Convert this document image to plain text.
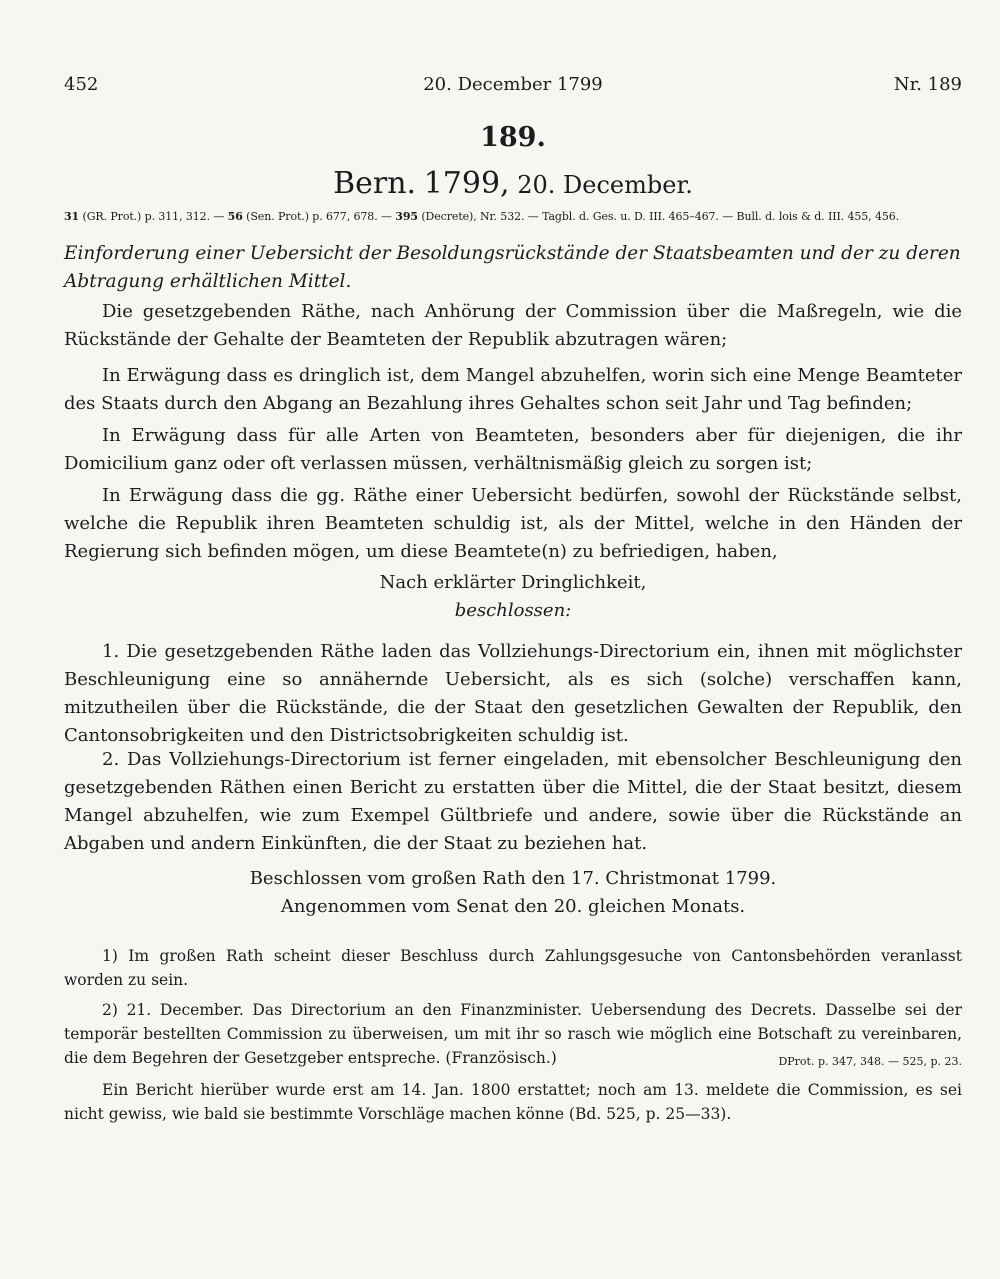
452	20. December 1799	Nr. 189
189.
Bern. 1799, 20. December.
31 (GR. Prot.) p. 311, 312. — 56 (Sen. Prot.) p. 677, 678. — 395 (Decrete), Nr. 532. — Tagbl. d. Ges. u. D. III. 465–467. — Bull. d. lois & d. III. 455, 456.
Einforderung einer Uebersicht der Besoldungsrückstände der Staatsbeamten und der zu deren Abtragung erhältlichen Mittel.
Die gesetzgebenden Räthe, nach Anhörung der Commission über die Maßregeln, wie die Rückstände der Gehalte der Beamteten der Republik abzutragen wären;
In Erwägung dass es dringlich ist, dem Mangel abzuhelfen, worin sich eine Menge Beamteter des Staats durch den Abgang an Bezahlung ihres Gehaltes schon seit Jahr und Tag befinden;
In Erwägung dass für alle Arten von Beamteten, besonders aber für diejenigen, die ihr Domicilium ganz oder oft verlassen müssen, verhältnismäßig gleich zu sorgen ist;
In Erwägung dass die gg. Räthe einer Uebersicht bedürfen, sowohl der Rückstände selbst, welche die Republik ihren Beamteten schuldig ist, als der Mittel, welche in den Händen der Regierung sich befinden mögen, um diese Beamtete(n) zu befriedigen, haben,
Nach erklärter Dringlichkeit,
beschlossen:
1. Die gesetzgebenden Räthe laden das Vollziehungs-Directorium ein, ihnen mit möglichster Beschleunigung eine so annähernde Uebersicht, als es sich (solche) verschaffen kann, mitzutheilen über die Rückstände, die der Staat den gesetzlichen Gewalten der Republik, den Cantonsobrigkeiten und den Districtsobrigkeiten schuldig ist.
2. Das Vollziehungs-Directorium ist ferner eingeladen, mit ebensolcher Beschleunigung den gesetzgebenden Räthen einen Bericht zu erstatten über die Mittel, die der Staat besitzt, diesem Mangel abzuhelfen, wie zum Exempel Gültbriefe und andere, sowie über die Rückstände an Abgaben und andern Einkünften, die der Staat zu beziehen hat.
Beschlossen vom großen Rath den 17. Christmonat 1799.
Angenommen vom Senat den 20. gleichen Monats.
1) Im großen Rath scheint dieser Beschluss durch Zahlungsgesuche von Cantonsbehörden veranlasst worden zu sein.
2) 21. December. Das Directorium an den Finanzminister. Uebersendung des Decrets. Dasselbe sei der temporär bestellten Commission zu überweisen, um mit ihr so rasch wie möglich eine Botschaft zu vereinbaren, die dem Begehren der Gesetzgeber entspreche. (Französisch.)	DProt. p. 347, 348. — 525, p. 23.
Ein Bericht hierüber wurde erst am 14. Jan. 1800 erstattet; noch am 13. meldete die Commission, es sei nicht gewiss, wie bald sie bestimmte Vorschläge machen könne (Bd. 525, p. 25—33).
